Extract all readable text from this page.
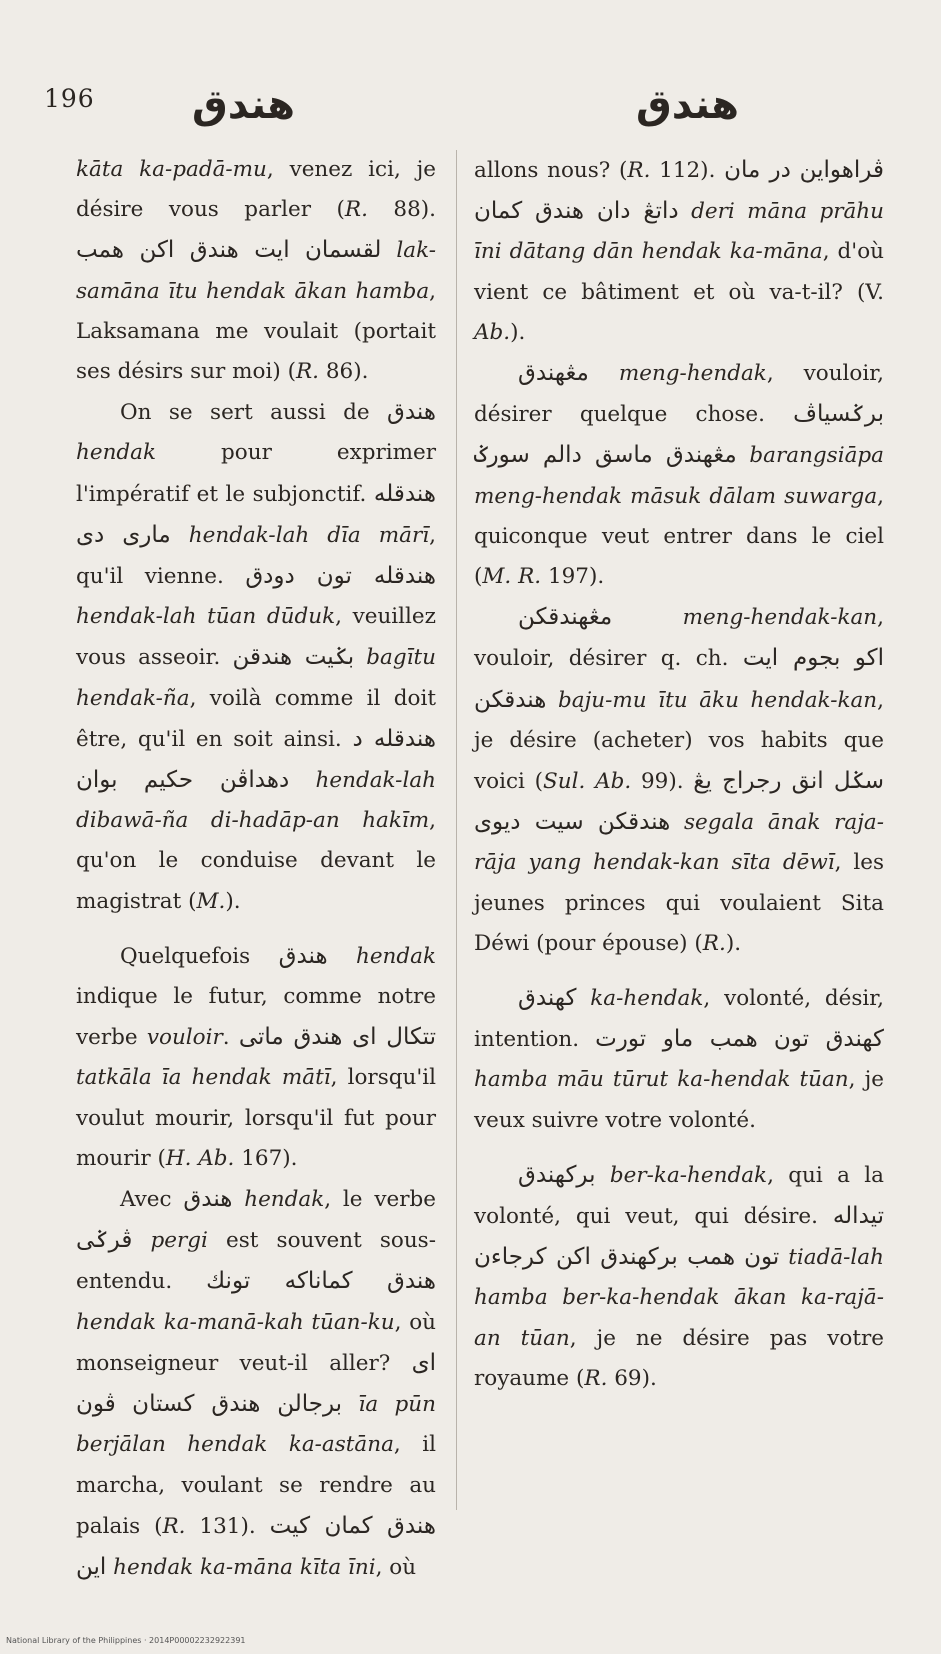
196 هندق	هندق

kāta ka-padā-mu, venez ici, je désire vous parler (R. 88). لقسمان ايت هندق اكن همب lak-samāna ītu hendak ākan hamba, Laksamana me voulait (portait ses désirs sur moi) (R. 86).

On se sert aussi de هندق hendak pour exprimer l'impératif et le subjonctif. هندقله دى ماری hendak-lah dīa mārī, qu'il vienne. هندقله تون دودق hendak-lah tūan dūduk, veuillez vous asseoir. بݢيت هندقن bagītu hendak-ña, voilà comme il doit être, qu'il en soit ainsi. هندقله د بوان دهداڤن حكيم hendak-lah dibawā-ña di-hadāp-an hakīm, qu'on le conduise devant le magistrat (M.).

Quelquefois هندق hendak indique le futur, comme notre verbe vouloir. تتكال اى هندق ماتى tatkāla īa hendak mātī, lorsqu'il voulut mourir, lorsqu'il fut pour mourir (H. Ab. 167).

Avec هندق hendak, le verbe ڤرݢى pergi est souvent sous-entendu. هندق كماناكه تونك hendak ka-manā-kah tūan-ku, où monseigneur veut-il aller? اى ڤون برجالن هندق كستان īa pūn berjālan hendak ka-astāna, il marcha, voulant se rendre au palais (R. 131). هندق كمان كيت اين hendak ka-māna kīta īni, où

allons nous? (R. 112). در مان ڤراهواين داتڠ دان هندق كمان deri māna prāhu īni dātang dān hendak ka-māna, d'où vient ce bâtiment et où va-t-il? (V. Ab.).

مڠهندق meng-hendak, vouloir, désirer quelque chose. برݢسياڤ مڠهندق ماسق دالم سورݢ barangsiāpa meng-hendak māsuk dālam suwarga, quiconque veut entrer dans le ciel (M. R. 197).

مڠهندقكن	meng-hendak-kan, vouloir, désirer q. ch. بجوم ايت اكو هندقكن baju-mu ītu āku hendak-kan, je désire (acheter) vos habits que voici (Sul. Ab. 99). سݢل انق رجراج يڠ هندقكن سيت ديوى segala ānak raja-rāja yang hendak-kan sīta dēwī, les jeunes princes qui voulaient Sita Déwi (pour épouse) (R.).

كهندق ka-hendak, volonté, désir, intention. همب ماو تورت كهندق تون hamba māu tūrut ka-hendak tūan, je veux suivre votre volonté.

بركهندق ber-ka-hendak, qui a la volonté, qui veut, qui désire. تيداله همب بركهندق اكن كرجاءن تون tiadā-lah hamba ber-ka-hendak ākan ka-rajā-an tūan, je ne désire pas votre royaume (R. 69).

National Library of the Philippines · 2014P00002232922391
